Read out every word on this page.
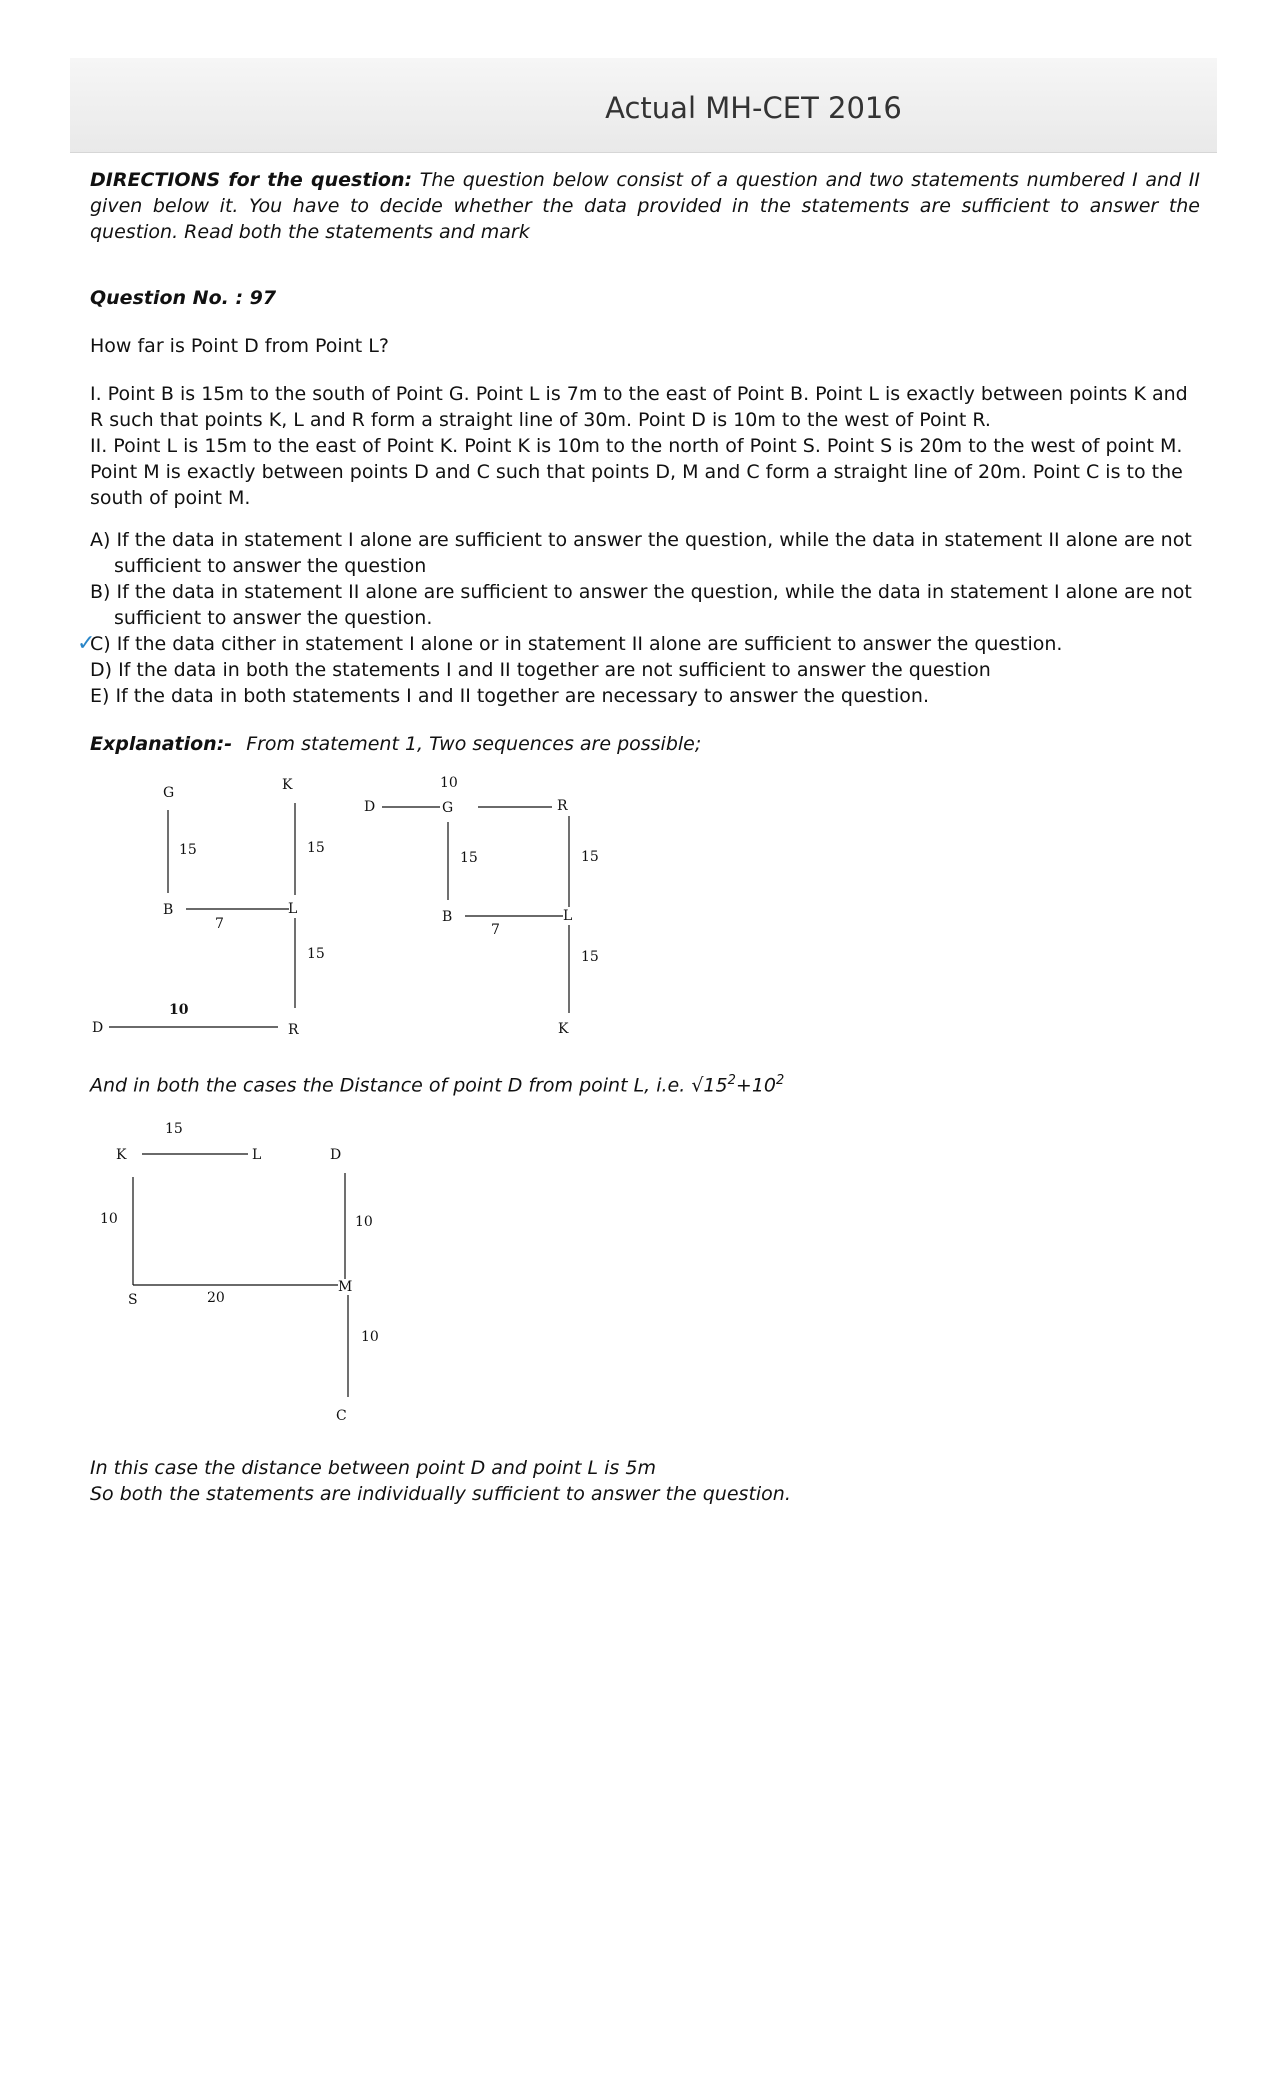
Actual MH-CET 2016

DIRECTIONS for the question: The question below consist of a question and two statements numbered I and II given below it. You have to decide whether the data provided in the statements are sufficient to answer the question. Read both the statements and mark

Question No. : 97

How far is Point D from Point L?

I. Point B is 15m to the south of Point G. Point L is 7m to the east of Point B. Point L is exactly between points K and R such that points K, L and R form a straight line of 30m. Point D is 10m to the west of Point R.

II. Point L is 15m to the east of Point K. Point K is 10m to the north of Point S. Point S is 20m to the west of point M. Point M is exactly between points D and C such that points D, M and C form a straight line of 20m. Point C is to the south of point M.

A) If the data in statement I alone are sufficient to answer the question, while the data in statement II alone are not sufficient to answer the question

B) If the data in statement II alone are sufficient to answer the question, while the data in statement I alone are not sufficient to answer the question.

✓
C) If the data cither in statement I alone or in statement II alone are sufficient to answer the question.

D) If the data in both the statements I and II together are not sufficient to answer the question

E) If the data in both statements I and II together are necessary to answer the question.

Explanation:- From statement 1, Two sequences are possible;

G	K
15	15
B	L
7
15
10
D	R
10
D	G	R
15	15
B	L
7
15
K

And in both the cases the Distance of point D from point L, i.e. $√15^2+10^2$

15
K	L	D
10	10
S	20
M
10
C

In this case the distance between point D and point L is 5m

So both the statements are individually sufficient to answer the question.
